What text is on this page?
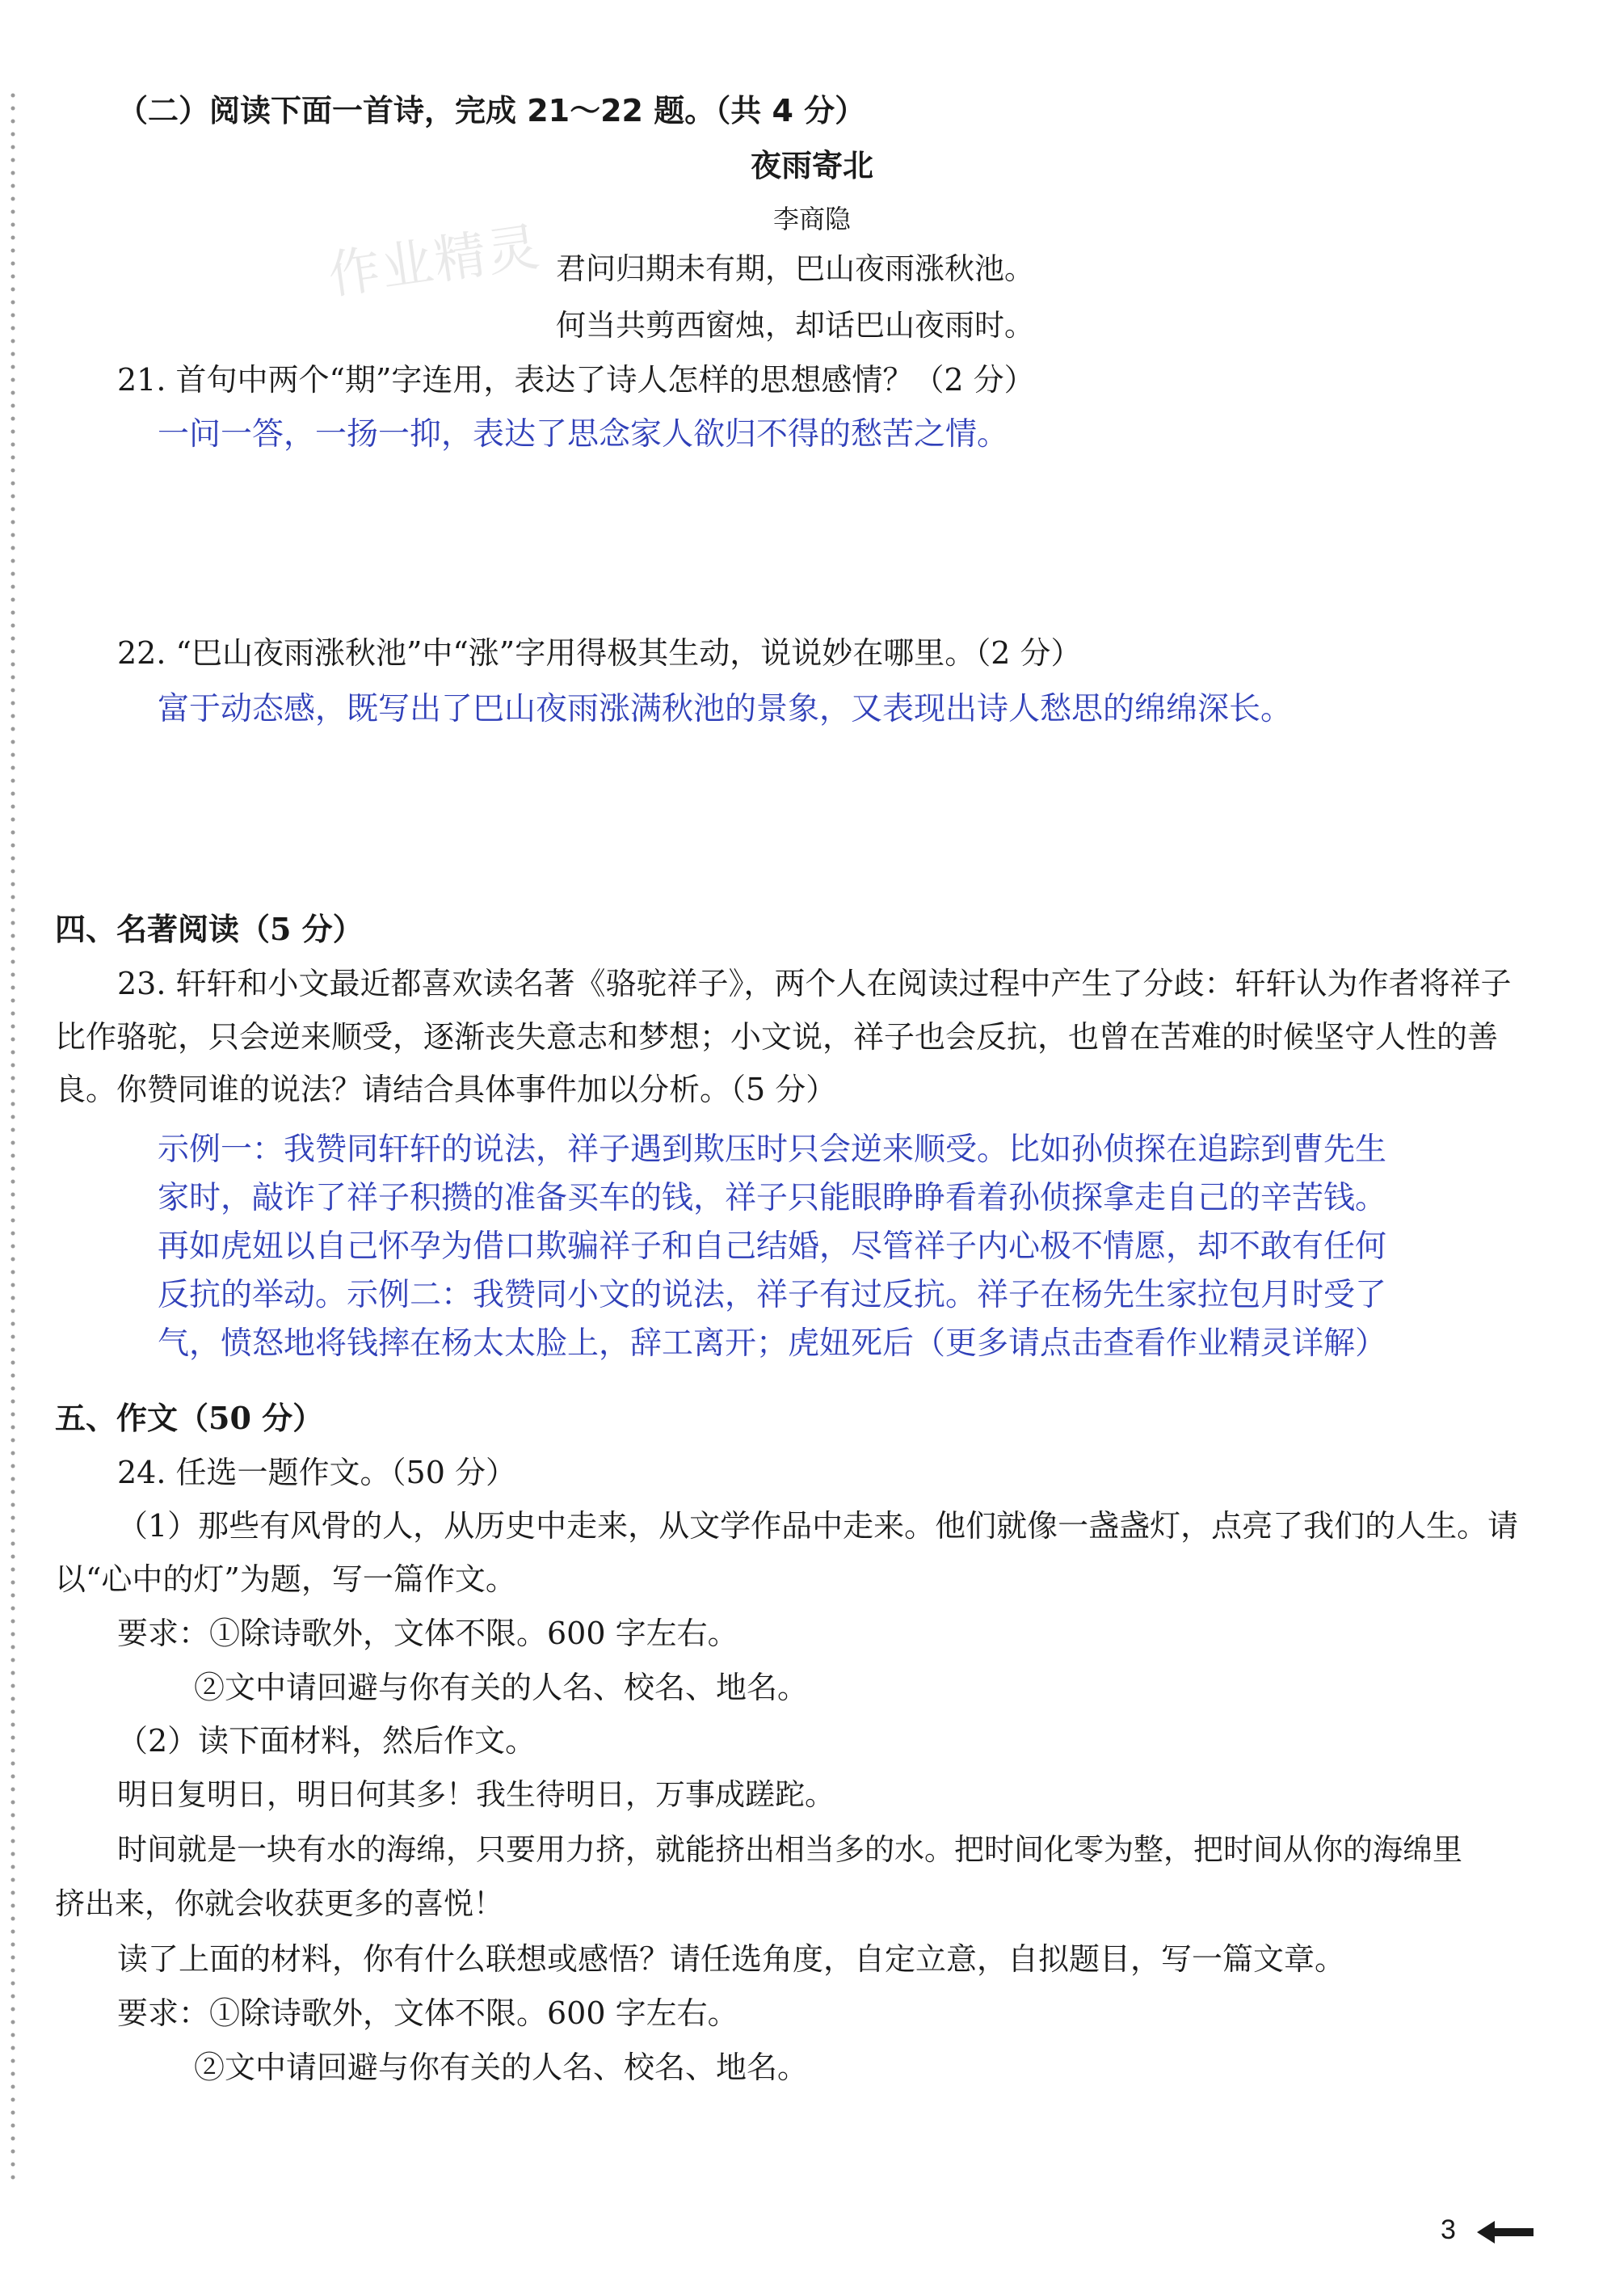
作业精灵
（二）阅读下面一首诗，完成 21～22 题。（共 4 分）
夜雨寄北
李商隐
君问归期未有期，巴山夜雨涨秋池。
何当共剪西窗烛，却话巴山夜雨时。
21. 首句中两个“期”字连用，表达了诗人怎样的思想感情？（2 分）
一问一答，一扬一抑，表达了思念家人欲归不得的愁苦之情。
22. “巴山夜雨涨秋池”中“涨”字用得极其生动，说说妙在哪里。（2 分）
富于动态感，既写出了巴山夜雨涨满秋池的景象，又表现出诗人愁思的绵绵深长。
四、名著阅读（5 分）
23. 轩轩和小文最近都喜欢读名著《骆驼祥子》，两个人在阅读过程中产生了分歧：轩轩认为作者将祥子
比作骆驼，只会逆来顺受，逐渐丧失意志和梦想；小文说，祥子也会反抗，也曾在苦难的时候坚守人性的善
良。你赞同谁的说法？请结合具体事件加以分析。（5 分）
示例一：我赞同轩轩的说法，祥子遇到欺压时只会逆来顺受。比如孙侦探在追踪到曹先生
家时，敲诈了祥子积攒的准备买车的钱，祥子只能眼睁睁看着孙侦探拿走自己的辛苦钱。
再如虎妞以自己怀孕为借口欺骗祥子和自己结婚，尽管祥子内心极不情愿，却不敢有任何
反抗的举动。示例二：我赞同小文的说法，祥子有过反抗。祥子在杨先生家拉包月时受了
气，愤怒地将钱摔在杨太太脸上，辞工离开；虎妞死后（更多请点击查看作业精灵详解）
五、作文（50 分）
24. 任选一题作文。（50 分）
（1）那些有风骨的人，从历史中走来，从文学作品中走来。他们就像一盏盏灯，点亮了我们的人生。请
以“心中的灯”为题，写一篇作文。
要求：①除诗歌外，文体不限。600 字左右。
②文中请回避与你有关的人名、校名、地名。
（2）读下面材料，然后作文。
明日复明日，明日何其多！我生待明日，万事成蹉跎。
时间就是一块有水的海绵，只要用力挤，就能挤出相当多的水。把时间化零为整，把时间从你的海绵里
挤出来，你就会收获更多的喜悦！
读了上面的材料，你有什么联想或感悟？请任选角度，自定立意，自拟题目，写一篇文章。
要求：①除诗歌外，文体不限。600 字左右。
②文中请回避与你有关的人名、校名、地名。
3
